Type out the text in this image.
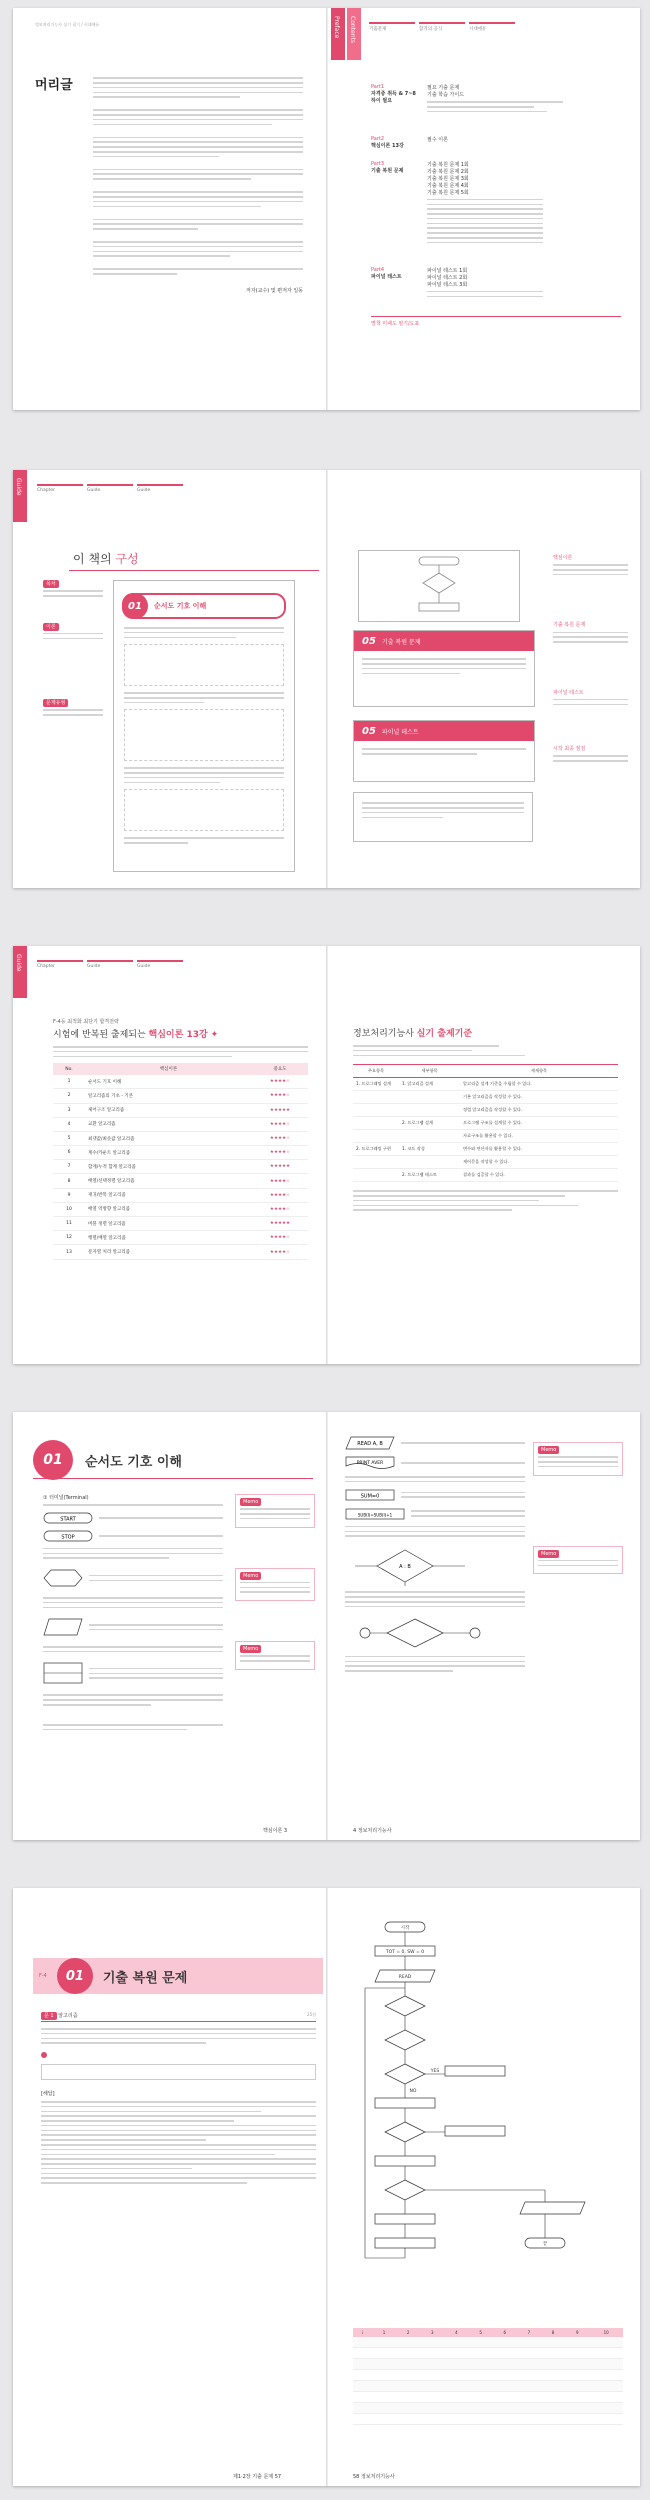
정보처리기능사 실기 필기 / 시대에듀
머리글
저자(교수) 및 편저자 일동
Preface Contents	기출문제	합격의 공식	시대에듀
Part1
자격증 취득 & 7~8 하이 필요
필요 기출 문제
기출 학습 가이드
Part2
핵심이론 13강
필수 이론
Part3
기출 복원 문제
기출 복원 문제 1회
기출 복원 문제 2회
기출 복원 문제 3회
기출 복원 문제 4회
기출 복원 문제 5회
Part4
파이널 테스트
파이널 테스트 1회
파이널 테스트 2회
파이널 테스트 3회
별책 미패도 필기/도표
Guide	Chapter	Guide	Guide
이 책의 구성
목차
이론
문제유형
01	순서도 기호 이해
05 기출 복원 문제
05 파이널 테스트
핵심이론
기출 복원 문제
파이널 테스트
시작 최종 점검
Guide	Chapter	Guide	Guide
F-4등 최적화 최단기 합격전략
시험에 반복된 출제되는 핵심이론 13강 ✦
No.	핵심이론	중요도
1	순서도 기호 이해	★★★★☆
2	알고리즘의 기초 - 기본	★★★★☆
3	제어구조 알고리즘	★★★★★
4	교환 알고리즘	★★★★☆
5	최댓값/최솟값 알고리즘	★★★★☆
6	계수/카운트 알고리즘	★★★★☆
7	합계/누적 합계 알고리즘	★★★★★
8	배열/선택정렬 알고리즘	★★★★☆
9	재귀/반복 알고리즘	★★★★☆
10	배열 역방향 알고리즘	★★★★☆
11	버블 정렬 알고리즘	★★★★★
12	행렬/배열 알고리즘	★★★★☆
13	문자열 처리 알고리즘	★★★★☆
정보처리기능사 실기 출제기준
주요항목	세부항목	세세항목
1. 프로그래밍 설계	1. 알고리즘 설계	알고리즘 설계 기준을 수립할 수 있다.
		기본 알고리즘을 작성할 수 있다.
		정렬 알고리즘을 작성할 수 있다.
	2. 프로그램 설계	프로그램 구조를 설계할 수 있다.
		자료구조를 활용할 수 있다.
2. 프로그래밍 구현	1. 코드 작성	변수와 연산자를 활용할 수 있다.
		제어문을 작성할 수 있다.
	2. 프로그램 테스트	결과를 검증할 수 있다.
01	순서도 기호 이해
① 터미널(Terminal)
START
STOP
Memo
Memo
Memo
핵심이론 3
READ A, B
PRINT AVER
SUM=0
SUB(I)=SUB(I)+1
A : B
Memo
Memo
4 정보처리기능사
F-4	01	기출 복원 문제
문 1 알고리즘	25점
[해답]
제1·2장 기출 문제 57
시작
TOT = 0, SW = 0
READ
끝
YES
NO
i	1	2	3	4	5	6	7	8	9	10

58 정보처리기능사
